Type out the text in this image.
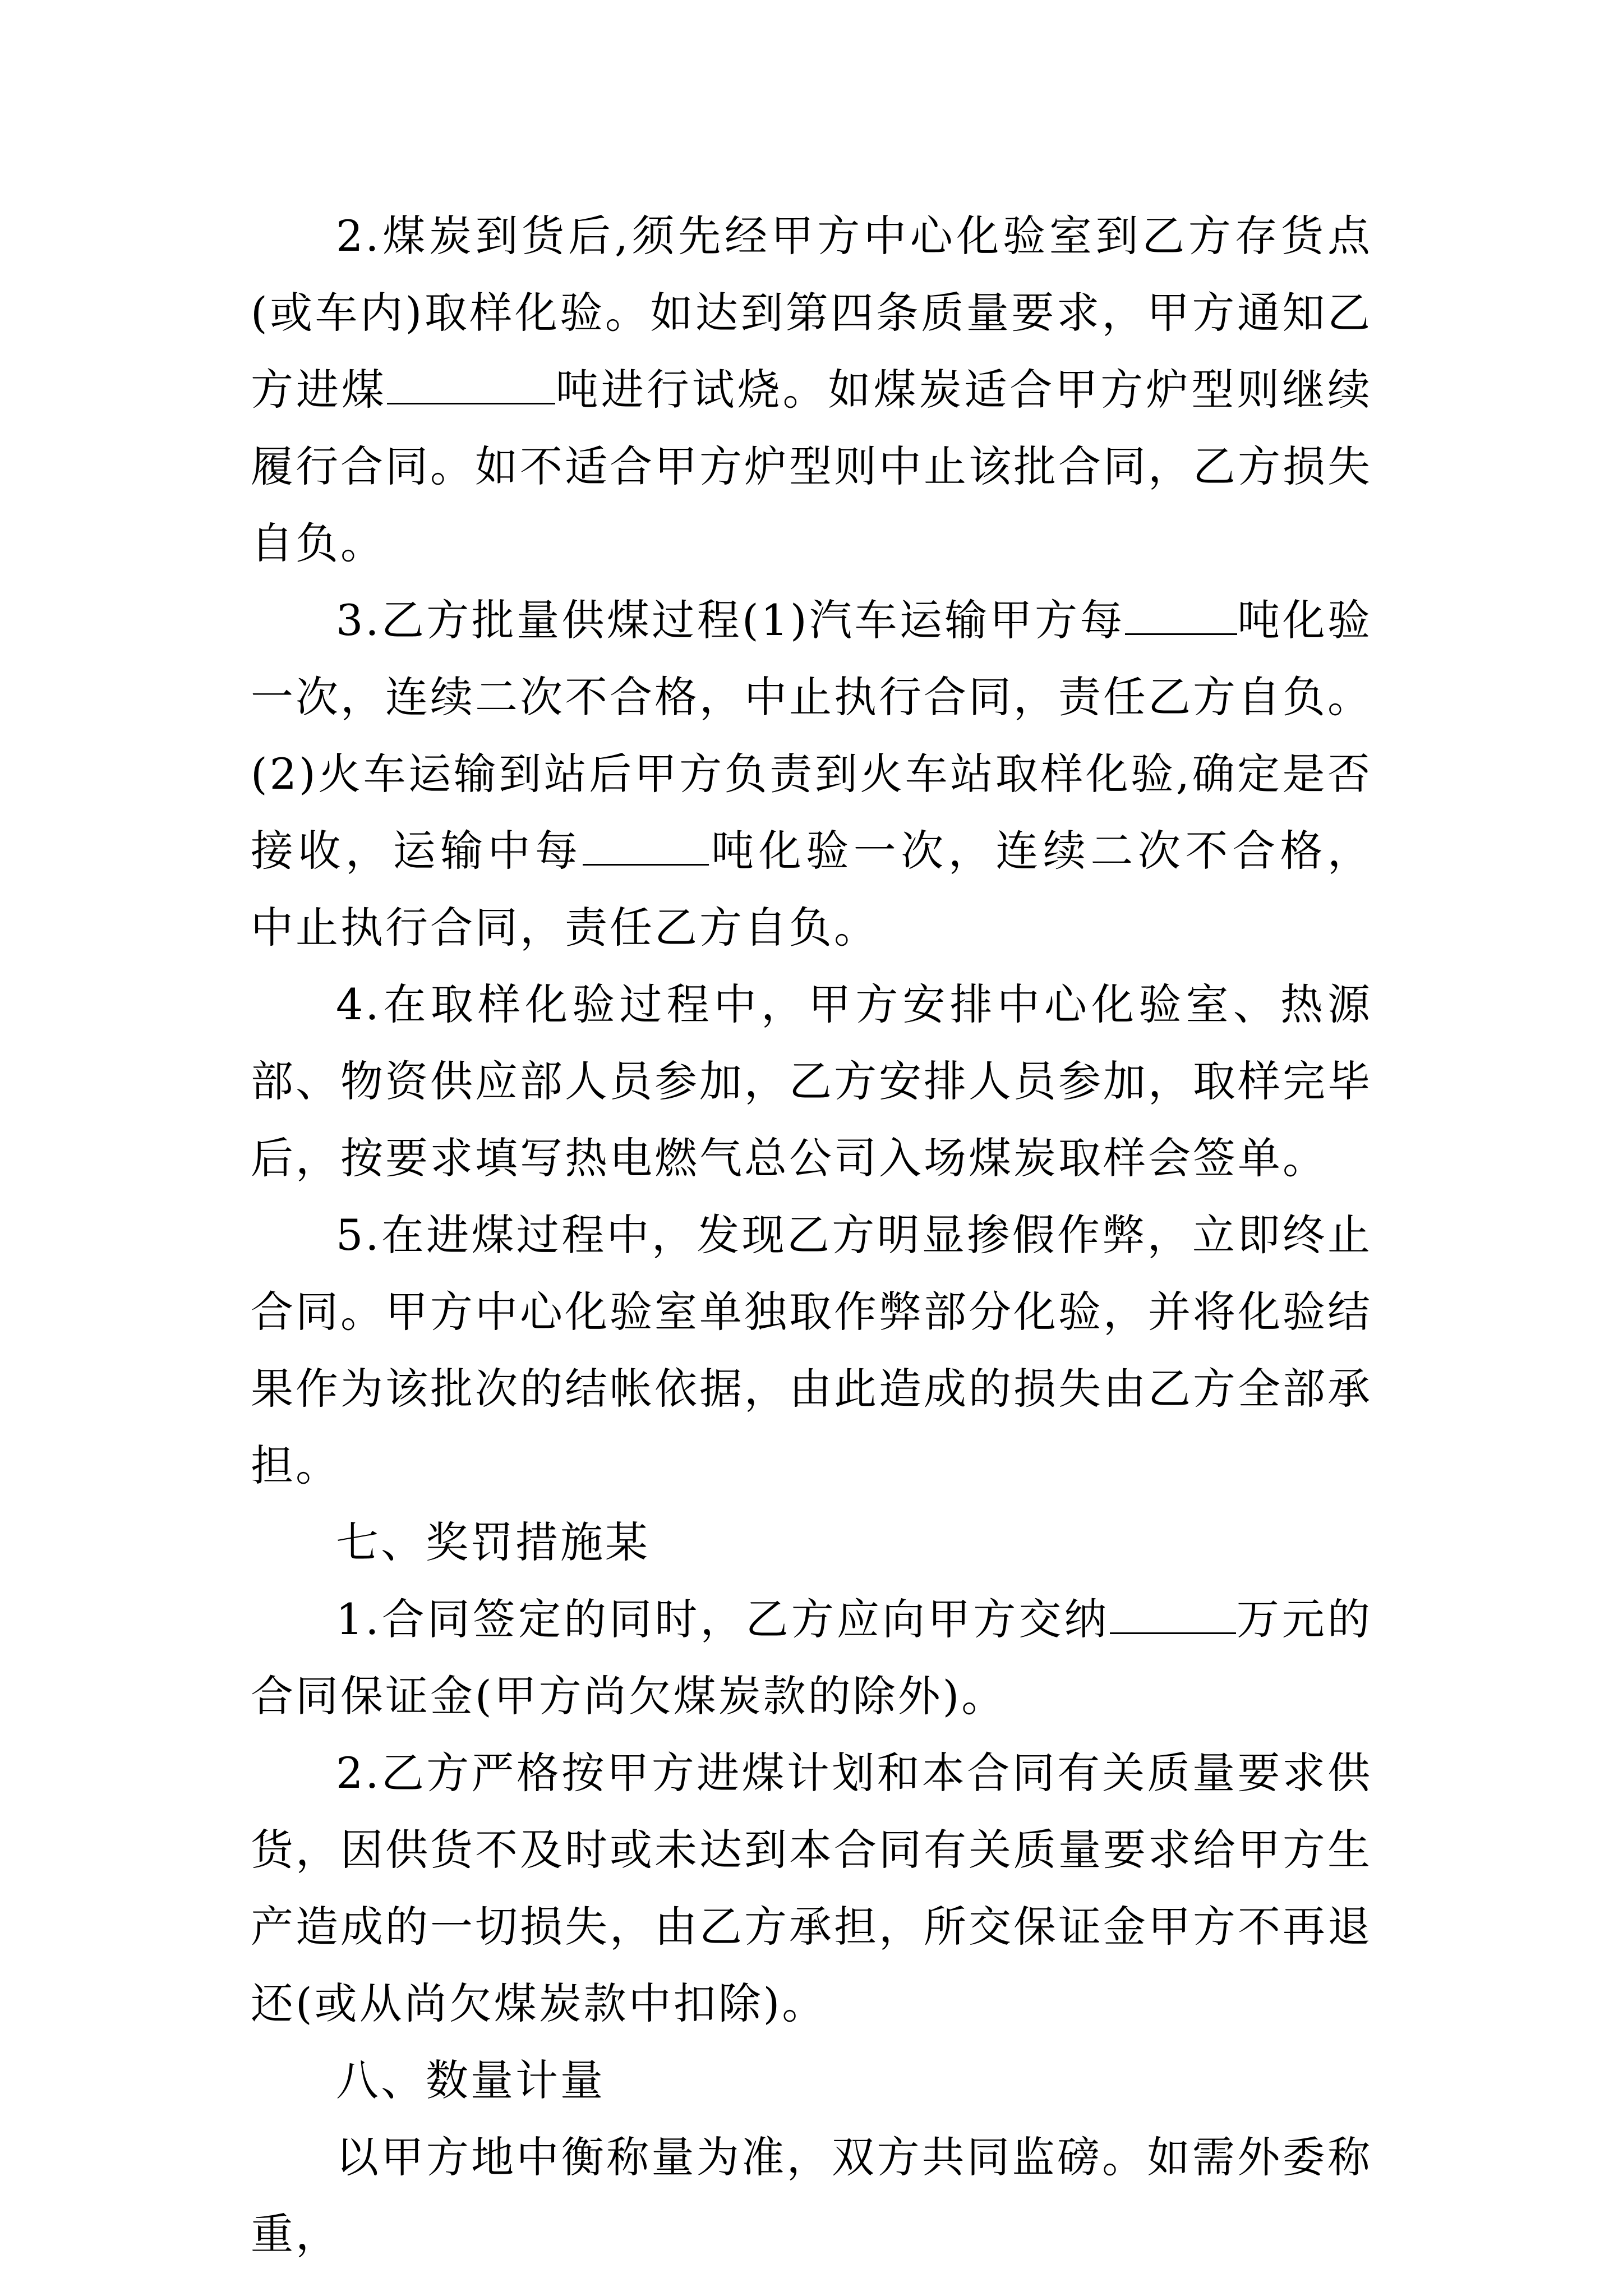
2.煤炭到货后,须先经甲方中心化验室到乙方存货点(或车内)取样化验。如达到第四条质量要求，甲方通知乙方进煤	吨进行试烧。如煤炭适合甲方炉型则继续履行合同。如不适合甲方炉型则中止该批合同，乙方损失自负。

3.乙方批量供煤过程(1)汽车运输甲方每	吨化验一次，连续二次不合格，中止执行合同，责任乙方自负。(2)火车运输到站后甲方负责到火车站取样化验,确定是否接收，运输中每	吨化验一次，连续二次不合格， 中止执行合同，责任乙方自负。

4.在取样化验过程中，甲方安排中心化验室、热源部、物资供应部人员参加，乙方安排人员参加，取样完毕后，按要求填写热电燃气总公司入场煤炭取样会签单。

5.在进煤过程中，发现乙方明显掺假作弊，立即终止合同。甲方中心化验室单独取作弊部分化验，并将化验结果作为该批次的结帐依据，由此造成的损失由乙方全部承担。

七、奖罚措施某

1.合同签定的同时，乙方应向甲方交纳	万元的合同保证金(甲方尚欠煤炭款的除外)。

2.乙方严格按甲方进煤计划和本合同有关质量要求供货，因供货不及时或未达到本合同有关质量要求给甲方生产造成的一切损失，由乙方承担，所交保证金甲方不再退还(或从尚欠煤炭款中扣除)。

八、数量计量

以甲方地中衡称量为准，双方共同监磅。如需外委称重，
